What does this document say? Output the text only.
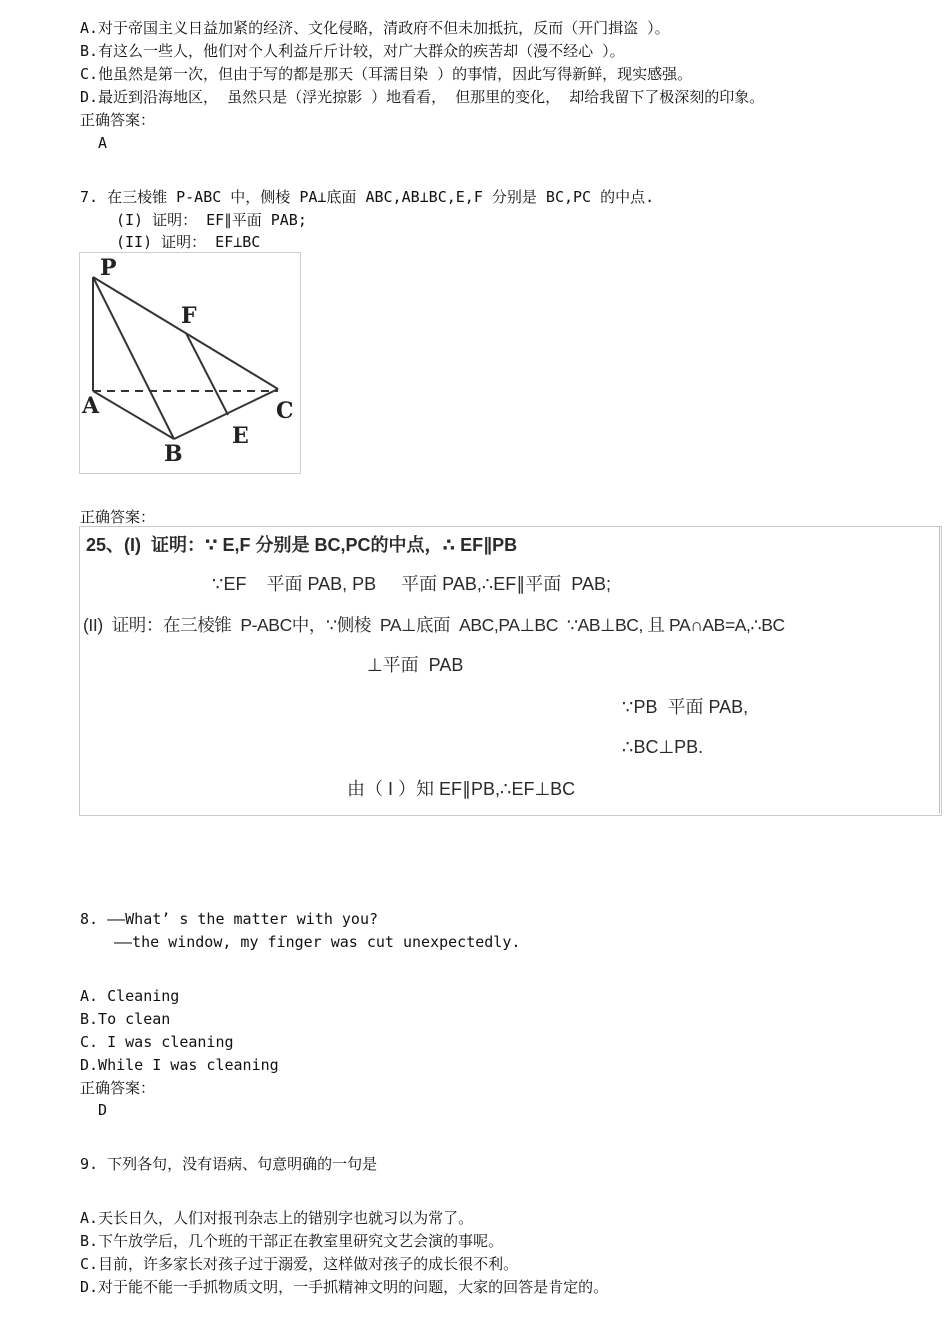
A.对于帝国主义日益加紧的经济、文化侵略，清政府不但未加抵抗，反而（开门揖盗 ）。
B.有这么一些人，他们对个人利益斤斤计较，对广大群众的疾苦却（漫不经心 ）。
C.他虽然是第一次，但由于写的都是那天（耳濡目染 ）的事情，因此写得新鲜，现实感强。
D.最近到沿海地区， 虽然只是（浮光掠影 ）地看看， 但那里的变化， 却给我留下了极深刻的印象。
正确答案：
A
7. 在三棱锥 P-ABC 中，侧棱 PA⊥底面 ABC,AB⊥BC,E,F 分别是 BC,PC 的中点.
(I) 证明： EF∥平面 PAB;
(II) 证明： EF⊥BC
P
F
A	C
E
B
正确答案：
25、(I)  证明：∵ E,F 分别是 BC,PC的中点，∴ EF∥PB
∵EF    平面 PAB, PB     平面 PAB,∴EF∥平面  PAB;
(II)  证明：在三棱锥  P-ABC中，∵侧棱  PA⊥底面  ABC,PA⊥BC  ∵AB⊥BC, 且 PA∩AB=A,∴BC
⊥平面  PAB
∵PB  平面 PAB,
∴BC⊥PB.
由（ I ）知 EF∥PB,∴EF⊥BC
8. ——What’ s the matter with you?
——the window, my finger was cut unexpectedly.
A. Cleaning
B.To clean
C. I was cleaning
D.While I was cleaning
正确答案：
D
9. 下列各句，没有语病、句意明确的一句是
A.天长日久，人们对报刊杂志上的错别字也就习以为常了。
B.下午放学后，几个班的干部正在教室里研究文艺会演的事呢。
C.目前，许多家长对孩子过于溺爱，这样做对孩子的成长很不利。
D.对于能不能一手抓物质文明，一手抓精神文明的问题，大家的回答是肯定的。
